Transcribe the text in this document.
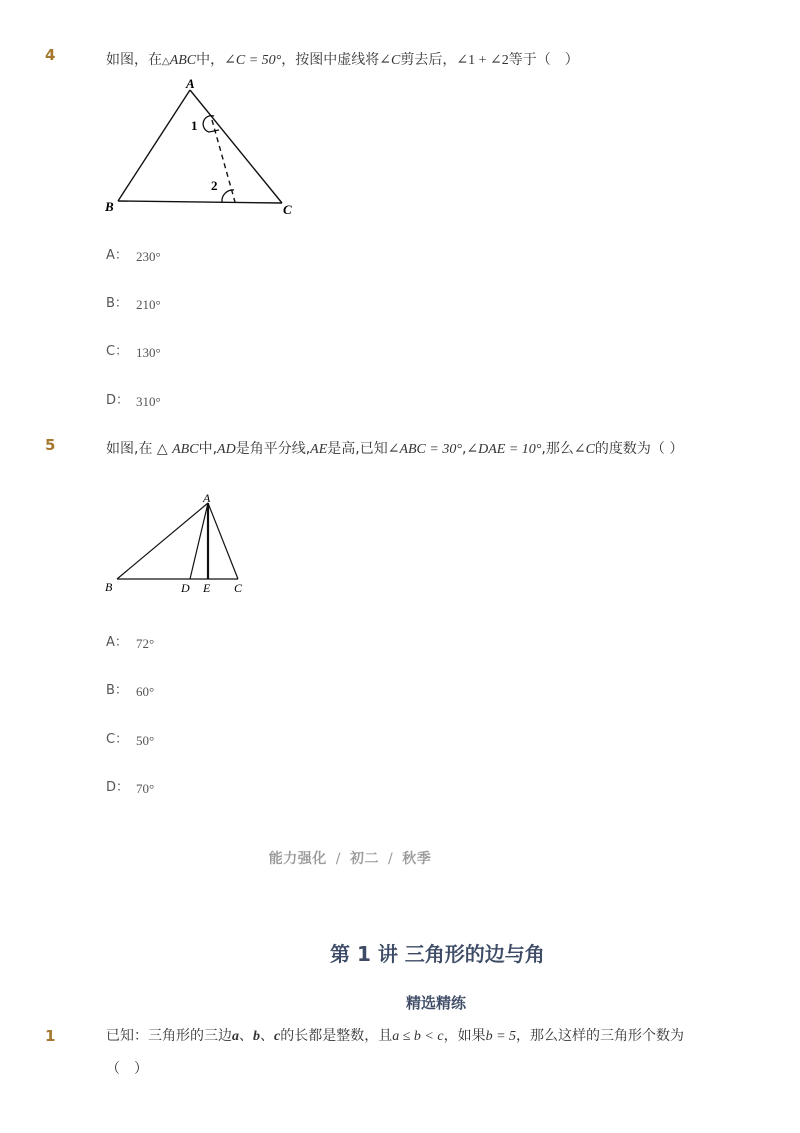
4	如图，在△ABC中，∠C = 50°，按图中虚线将∠C剪去后，∠1 + ∠2等于（　）
A
B	C
1
2
A： 230°
B： 210°
C： 130°
D： 310°
5	如图,在 △ ABC中,AD是角平分线,AE是高,已知∠ABC = 30°,∠DAE = 10°,那么∠C的度数为（ ）
A
B	D E C
A： 72°
B： 60°
C： 50°
D： 70°
能力强化 / 初二 / 秋季
第 1 讲 三角形的边与角
精选精练
1	已知：三角形的三边a、b、c的长都是整数，且a ≤ b < c，如果b = 5，那么这样的三角形个数为
（　）
